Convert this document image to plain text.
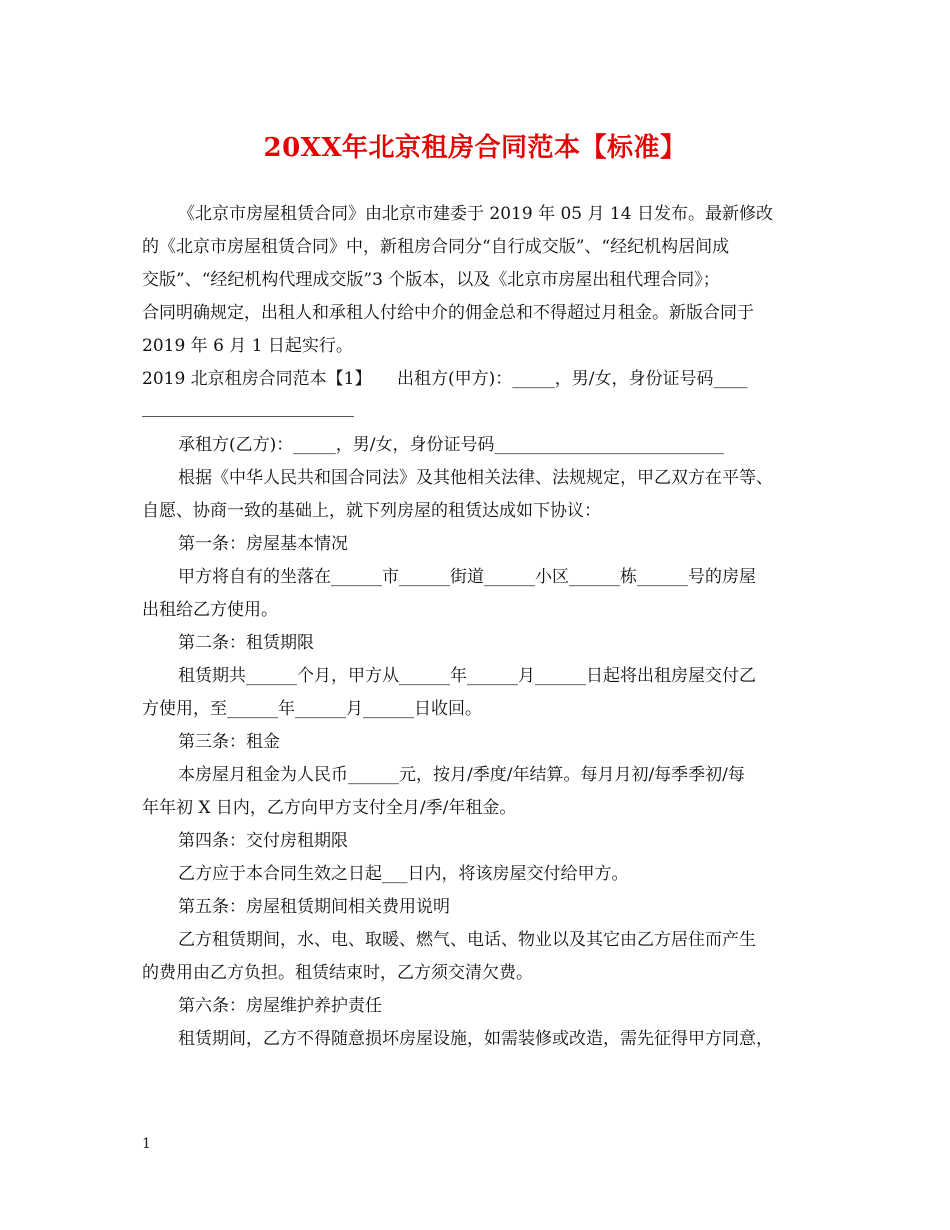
20XX年北京租房合同范本【标准】
《北京市房屋租赁合同》由北京市建委于 2019 年 05 月 14 日发布。最新修改
的《北京市房屋租赁合同》中，新租房合同分“自行成交版”、“经纪机构居间成
交版”、“经纪机构代理成交版”3 个版本，以及《北京市房屋出租代理合同》；
合同明确规定，出租人和承租人付给中介的佣金总和不得超过月租金。新版合同于
2019 年 6 月 1 日起实行。
2019 北京租房合同范本【1】　　出租方(甲方)：_____，男/女，身份证号码____
承租方(乙方)：_____，男/女，身份证号码___________________________
根据《中华人民共和国合同法》及其他相关法律、法规规定，甲乙双方在平等、
自愿、协商一致的基础上，就下列房屋的租赁达成如下协议：
第一条：房屋基本情况
甲方将自有的坐落在______市______街道______小区______栋______号的房屋
出租给乙方使用。
第二条：租赁期限
租赁期共______个月，甲方从______年______月______日起将出租房屋交付乙
方使用，至______年______月______日收回。
第三条：租金
本房屋月租金为人民币______元，按月/季度/年结算。每月月初/每季季初/每
年年初 X 日内，乙方向甲方支付全月/季/年租金。
第四条：交付房租期限
乙方应于本合同生效之日起___日内，将该房屋交付给甲方。
第五条：房屋租赁期间相关费用说明
乙方租赁期间，水、电、取暖、燃气、电话、物业以及其它由乙方居住而产生
的费用由乙方负担。租赁结束时，乙方须交清欠费。
第六条：房屋维护养护责任
租赁期间，乙方不得随意损坏房屋设施，如需装修或改造，需先征得甲方同意，
1
